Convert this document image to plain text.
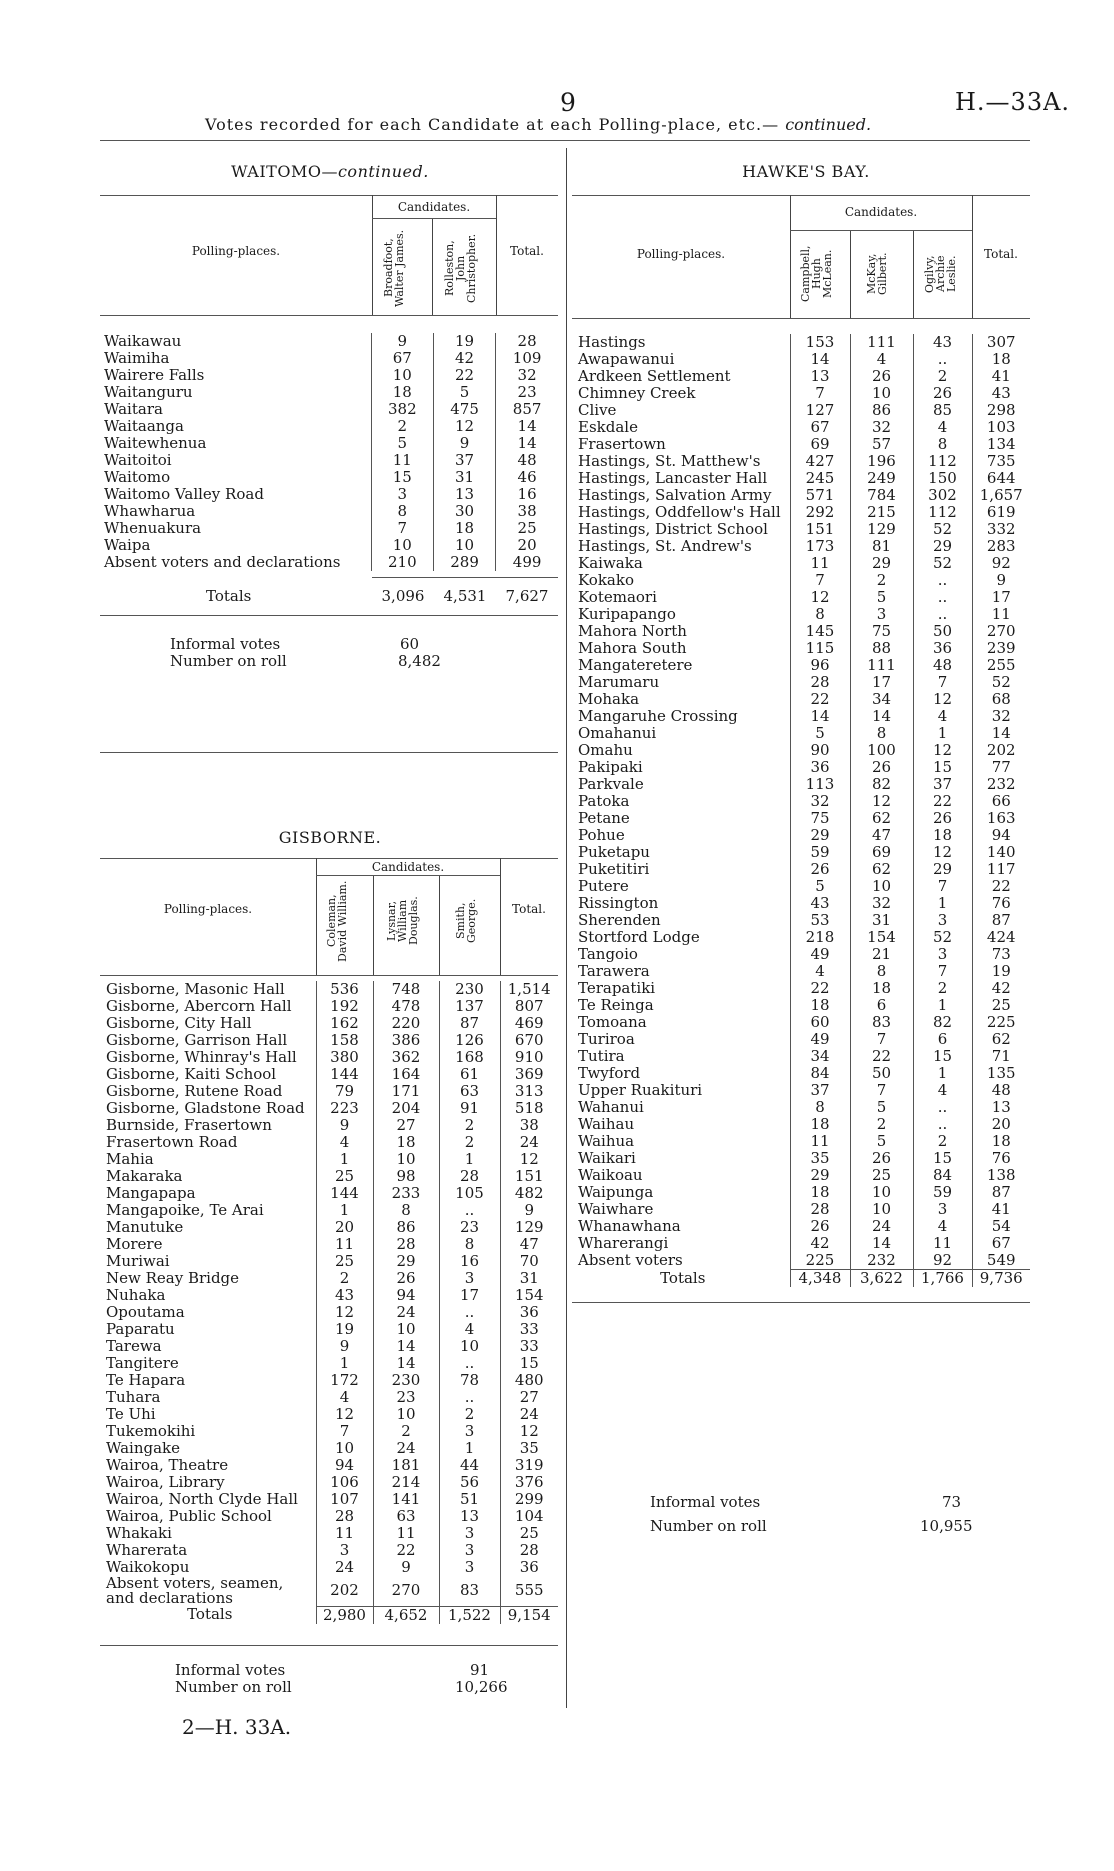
9	H.—33A.
Votes recorded for each Candidate at each Polling-place, etc.— continued.
WAITOMO—continued.
Candidates.
Polling-places.	Total.
Broadfoot, Walter James.	Rolleston, John Christopher.
Waikawau	9	19	28
Waimiha	67	42	109
Wairere Falls	10	22	32
Waitanguru	18	5	23
Waitara	382	475	857
Waitaanga	2	12	14
Waitewhenua	5	9	14
Waitoitoi	11	37	48
Waitomo	15	31	46
Waitomo Valley Road	3	13	16
Whawharua	8	30	38
Whenuakura	7	18	25
Waipa	10	10	20
Absent voters and declarations	210	289	499
Totals	3,096	4,531	7,627
Informal votes	60
Number on roll	8,482
GISBORNE.
Candidates.
Polling-places.	Total.
Coleman, David William.	Lysnar, William Douglas.	Smith, George.
Gisborne, Masonic Hall	536	748	230	1,514
Gisborne, Abercorn Hall	192	478	137	807
Gisborne, City Hall	162	220	87	469
Gisborne, Garrison Hall	158	386	126	670
Gisborne, Whinray's Hall	380	362	168	910
Gisborne, Kaiti School	144	164	61	369
Gisborne, Rutene Road	79	171	63	313
Gisborne, Gladstone Road	223	204	91	518
Burnside, Frasertown	9	27	2	38
Frasertown Road	4	18	2	24
Mahia	1	10	1	12
Makaraka	25	98	28	151
Mangapapa	144	233	105	482
Mangapoike, Te Arai	1	8	..	9
Manutuke	20	86	23	129
Morere	11	28	8	47
Muriwai	25	29	16	70
New Reay Bridge	2	26	3	31
Nuhaka	43	94	17	154
Opoutama	12	24	..	36
Paparatu	19	10	4	33
Tarewa	9	14	10	33
Tangitere	1	14	..	15
Te Hapara	172	230	78	480
Tuhara	4	23	..	27
Te Uhi	12	10	2	24
Tukemokihi	7	2	3	12
Waingake	10	24	1	35
Wairoa, Theatre	94	181	44	319
Wairoa, Library	106	214	56	376
Wairoa, North Clyde Hall	107	141	51	299
Wairoa, Public School	28	63	13	104
Whakaki	11	11	3	25
Wharerata	3	22	3	28
Waikokopu	24	9	3	36
Absent voters, seamen, and declarations	202	270	83	555
Totals	2,980	4,652	1,522	9,154
Informal votes	91
Number on roll	10,266
HAWKE'S BAY.
Candidates.
Polling-places.	Total.
Campbell, Hugh McLean.	McKay, Gilbert.	Ogilvy, Archie Leslie.
Hastings	153	111	43	307
Awapawanui	14	4	..	18
Ardkeen Settlement	13	26	2	41
Chimney Creek	7	10	26	43
Clive	127	86	85	298
Eskdale	67	32	4	103
Frasertown	69	57	8	134
Hastings, St. Matthew's	427	196	112	735
Hastings, Lancaster Hall	245	249	150	644
Hastings, Salvation Army	571	784	302	1,657
Hastings, Oddfellow's Hall	292	215	112	619
Hastings, District School	151	129	52	332
Hastings, St. Andrew's	173	81	29	283
Kaiwaka	11	29	52	92
Kokako	7	2	..	9
Kotemaori	12	5	..	17
Kuripapango	8	3	..	11
Mahora North	145	75	50	270
Mahora South	115	88	36	239
Mangateretere	96	111	48	255
Marumaru	28	17	7	52
Mohaka	22	34	12	68
Mangaruhe Crossing	14	14	4	32
Omahanui	5	8	1	14
Omahu	90	100	12	202
Pakipaki	36	26	15	77
Parkvale	113	82	37	232
Patoka	32	12	22	66
Petane	75	62	26	163
Pohue	29	47	18	94
Puketapu	59	69	12	140
Puketitiri	26	62	29	117
Putere	5	10	7	22
Rissington	43	32	1	76
Sherenden	53	31	3	87
Stortford Lodge	218	154	52	424
Tangoio	49	21	3	73
Tarawera	4	8	7	19
Terapatiki	22	18	2	42
Te Reinga	18	6	1	25
Tomoana	60	83	82	225
Turiroa	49	7	6	62
Tutira	34	22	15	71
Twyford	84	50	1	135
Upper Ruakituri	37	7	4	48
Wahanui	8	5	..	13
Waihau	18	2	..	20
Waihua	11	5	2	18
Waikari	35	26	15	76
Waikoau	29	25	84	138
Waipunga	18	10	59	87
Waiwhare	28	10	3	41
Whanawhana	26	24	4	54
Wharerangi	42	14	11	67
Absent voters	225	232	92	549
Totals	4,348	3,622	1,766	9,736
Informal votes	73
Number on roll	10,955
2—H. 33A.
